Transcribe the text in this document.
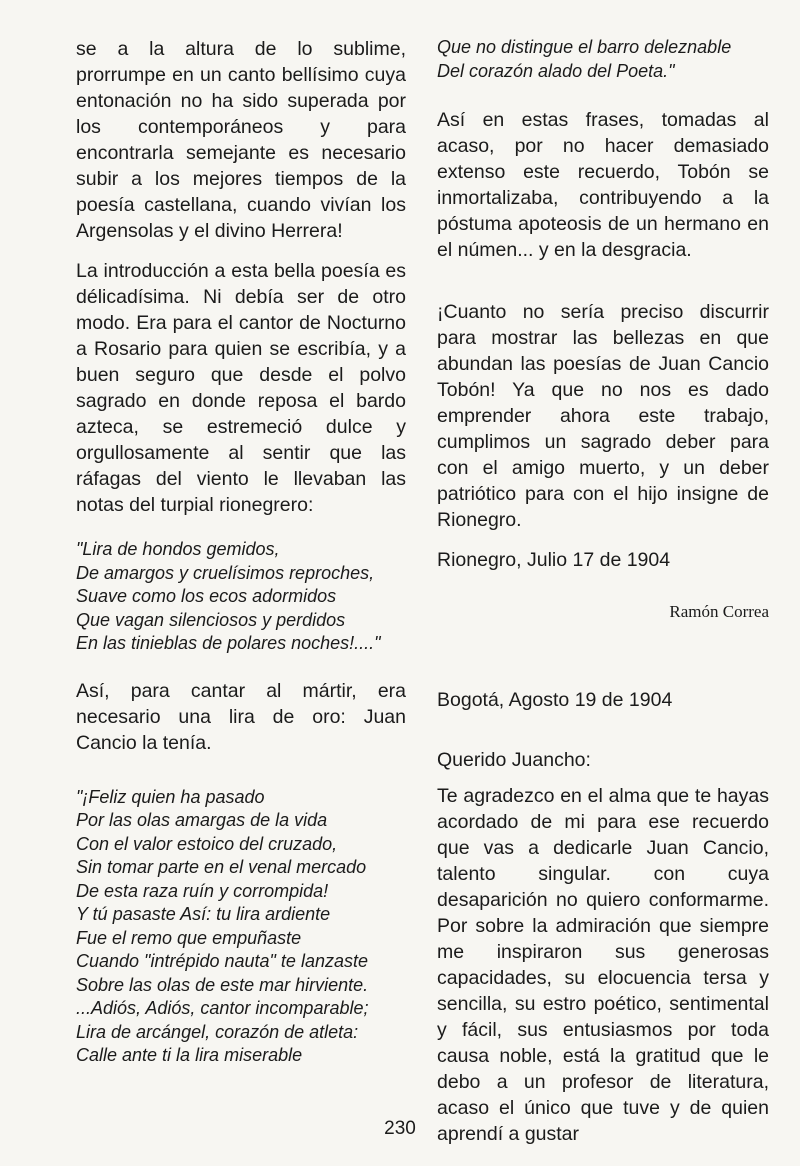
se a la altura de lo sublime, prorrumpe en un canto bellísimo cuya entonación no ha sido superada por los contemporáneos y para encontrarla semejante es necesario subir a los mejores tiempos de la poesía castellana, cuando vivían los Argensolas y el divino Herrera!

La introducción a esta bella poesía es délicadísima. Ni debía ser de otro modo. Era para el cantor de Nocturno a Rosario para quien se escribía, y a buen seguro que desde el polvo sagrado en donde reposa el bardo azteca, se estremeció dulce y orgullosamente al sentir que las ráfagas del viento le llevaban las notas del turpial rionegrero:

"Lira de hondos gemidos,
De amargos y cruelísimos reproches,
Suave como los ecos adormidos
Que vagan silenciosos y perdidos
En las tinieblas de polares noches!...."

Así, para cantar al mártir, era necesario una lira de oro: Juan Cancio la tenía.

"¡Feliz quien ha pasado
Por las olas amargas de la vida
Con el valor estoico del cruzado,
Sin tomar parte en el venal mercado
De esta raza ruín y corrompida!
Y tú pasaste Así: tu lira ardiente
Fue el remo que empuñaste
Cuando "intrépido nauta" te lanzaste
Sobre las olas de este mar hirviente.
...Adiós, Adiós, cantor incomparable;
Lira de arcángel, corazón de atleta:
Calle ante ti la lira miserable
Que no distingue el barro deleznable
Del corazón alado del Poeta."

Así en estas frases, tomadas al acaso, por no hacer demasiado extenso este recuerdo, Tobón se inmortalizaba, contribuyendo a la póstuma apoteosis de un hermano en el númen... y en la desgracia.

¡Cuanto no sería preciso discurrir para mostrar las bellezas en que abundan las poesías de Juan Cancio Tobón! Ya que no nos es dado emprender ahora este trabajo, cumplimos un sagrado deber para con el amigo muerto, y un deber patriótico para con el hijo insigne de Rionegro.

Rionegro, Julio 17 de 1904

Ramón Correa

Bogotá, Agosto 19 de 1904

Querido Juancho:

Te agradezco en el alma que te hayas acordado de mi para ese recuerdo que vas a dedicarle Juan Cancio, talento singular. con cuya desaparición no quiero conformarme. Por sobre la admiración que siempre me inspiraron sus generosas capacidades, su elocuencia tersa y sencilla, su estro poético, sentimental y fácil, sus entusiasmos por toda causa noble, está la gratitud que le debo a un profesor de literatura, acaso el único que tuve y de quien aprendí a gustar

230
